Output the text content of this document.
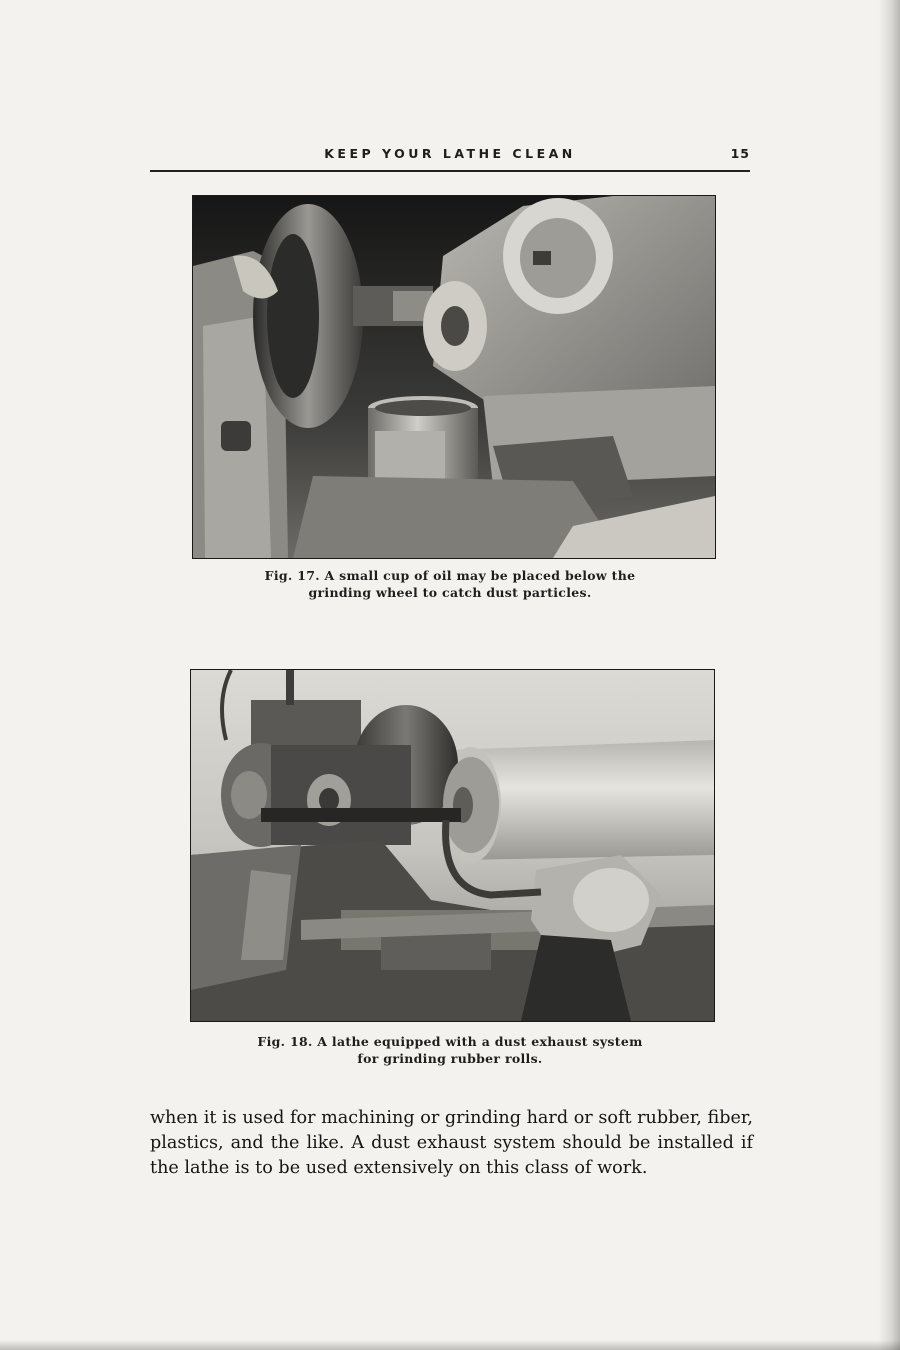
KEEP YOUR LATHE CLEAN	15
Fig. 17. A small cup of oil may be placed below the
grinding wheel to catch dust particles.
Fig. 18. A lathe equipped with a dust exhaust system
for grinding rubber rolls.
when it is used for machining or grinding hard or soft rubber, fiber, plastics, and the like. A dust exhaust system should be installed if the lathe is to be used extensively on this class of work.
